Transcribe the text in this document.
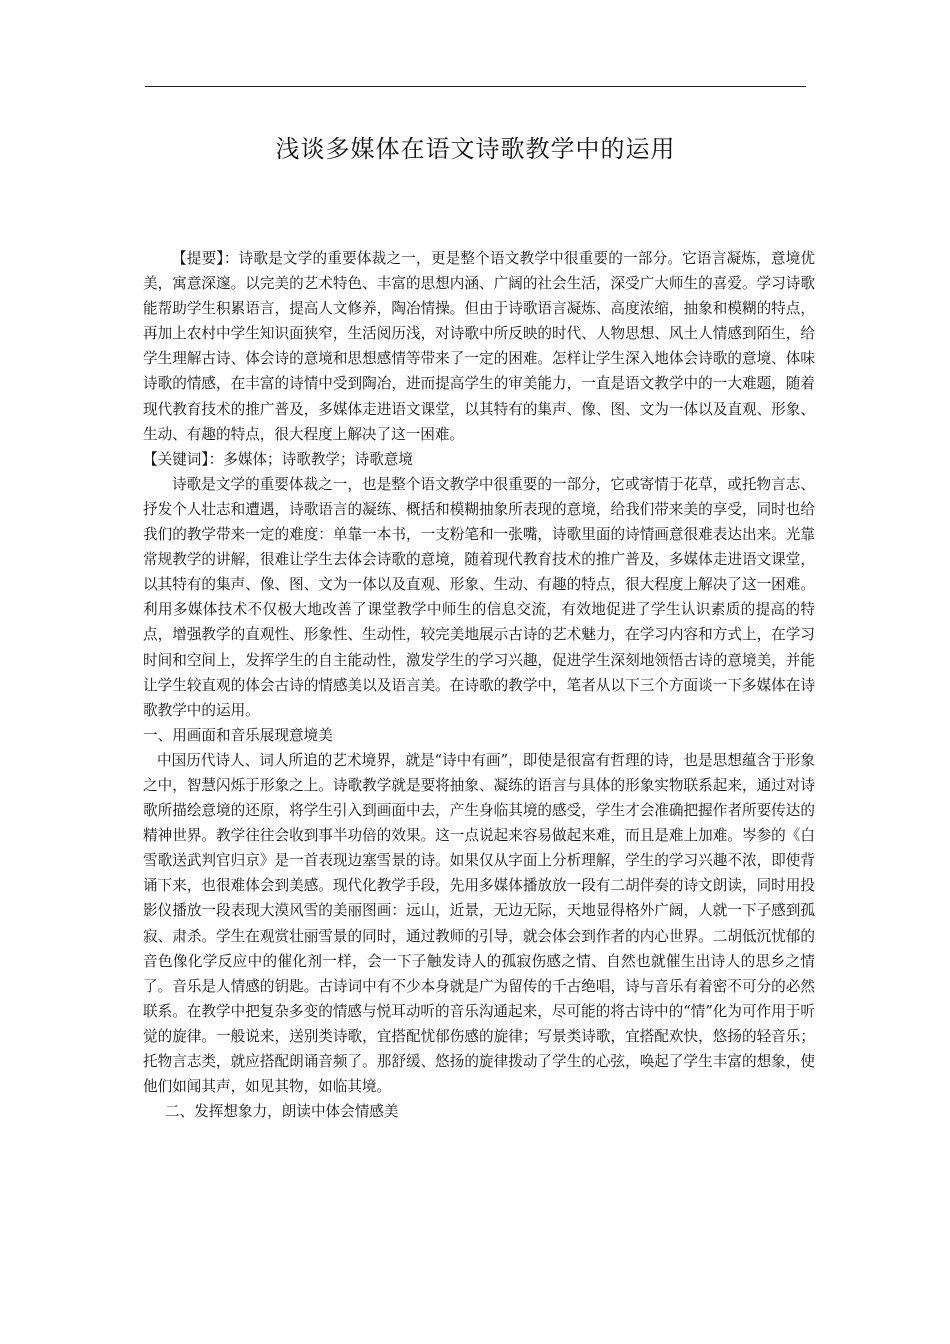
浅谈多媒体在语文诗歌教学中的运用

【提要】：诗歌是文学的重要体裁之一，更是整个语文教学中很重要的一部分。它语言凝炼，意境优美，寓意深邃。以完美的艺术特色、丰富的思想内涵、广阔的社会生活，深受广大师生的喜爱。学习诗歌能帮助学生积累语言，提高人文修养，陶冶情操。但由于诗歌语言凝炼、高度浓缩，抽象和模糊的特点，再加上农村中学生知识面狭窄，生活阅历浅，对诗歌中所反映的时代、人物思想、风土人情感到陌生，给学生理解古诗、体会诗的意境和思想感情等带来了一定的困难。怎样让学生深入地体会诗歌的意境、体味诗歌的情感，在丰富的诗情中受到陶冶，进而提高学生的审美能力，一直是语文教学中的一大难题，随着现代教育技术的推广普及，多媒体走进语文课堂，以其特有的集声、像、图、文为一体以及直观、形象、生动、有趣的特点，很大程度上解决了这一困难。

【关键词】：多媒体；诗歌教学；诗歌意境

诗歌是文学的重要体裁之一，也是整个语文教学中很重要的一部分，它或寄情于花草，或托物言志、抒发个人壮志和遭遇，诗歌语言的凝练、概括和模糊抽象所表现的意境，给我们带来美的享受，同时也给我们的教学带来一定的难度：单靠一本书，一支粉笔和一张嘴，诗歌里面的诗情画意很难表达出来。光靠常规教学的讲解，很难让学生去体会诗歌的意境，随着现代教育技术的推广普及，多媒体走进语文课堂，以其特有的集声、像、图、文为一体以及直观、形象、生动、有趣的特点，很大程度上解决了这一困难。利用多媒体技术不仅极大地改善了课堂教学中师生的信息交流，有效地促进了学生认识素质的提高的特点，增强教学的直观性、形象性、生动性，较完美地展示古诗的艺术魅力，在学习内容和方式上，在学习时间和空间上，发挥学生的自主能动性，激发学生的学习兴趣，促进学生深刻地领悟古诗的意境美，并能让学生较直观的体会古诗的情感美以及语言美。在诗歌的教学中，笔者从以下三个方面谈一下多媒体在诗歌教学中的运用。

一、用画面和音乐展现意境美

中国历代诗人、词人所追的艺术境界，就是“诗中有画”，即使是很富有哲理的诗，也是思想蕴含于形象之中，智慧闪烁于形象之上。诗歌教学就是要将抽象、凝练的语言与具体的形象实物联系起来，通过对诗歌所描绘意境的还原，将学生引入到画面中去，产生身临其境的感受，学生才会准确把握作者所要传达的精神世界。教学往往会收到事半功倍的效果。这一点说起来容易做起来难，而且是难上加难。岑参的《白雪歌送武判官归京》是一首表现边塞雪景的诗。如果仅从字面上分析理解，学生的学习兴趣不浓，即使背诵下来，也很难体会到美感。现代化教学手段，先用多媒体播放放一段有二胡伴奏的诗文朗读，同时用投影仪播放一段表现大漠风雪的美丽图画：远山，近景，无边无际，天地显得格外广阔，人就一下子感到孤寂、肃杀。学生在观赏壮丽雪景的同时，通过教师的引导，就会体会到作者的内心世界。二胡低沉忧郁的音色像化学反应中的催化剂一样，会一下子触发诗人的孤寂伤感之情、自然也就催生出诗人的思乡之情了。音乐是人情感的钥匙。古诗词中有不少本身就是广为留传的千古绝唱，诗与音乐有着密不可分的必然联系。在教学中把复杂多变的情感与悦耳动听的音乐沟通起来，尽可能的将古诗中的“情”化为可作用于听觉的旋律。一般说来，送别类诗歌，宜搭配忧郁伤感的旋律；写景类诗歌，宜搭配欢快，悠扬的轻音乐；托物言志类，就应搭配朗诵音频了。那舒缓、悠扬的旋律拨动了学生的心弦，唤起了学生丰富的想象，使他们如闻其声，如见其物，如临其境。

二、发挥想象力，朗读中体会情感美
